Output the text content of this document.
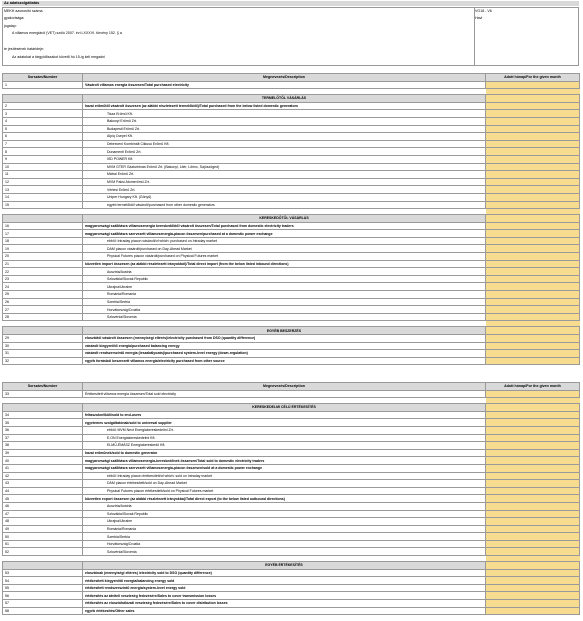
Az adatszolgáltatás
MEKH azonosító száma	VG18 - V6
gyakorisága:	Havi
jogalap:
A villamos energiáról (VET) szóló 2007. évi LXXXVI. törvény 152. § a
te jesítésének határideje:
Az adatokat a tárgyidőszakot követő hó 15-ig kell megadni
Sorszám/Number	Megnevezés/Description	Adott hónap/For the given month
1	Vásárolt villamos energia összesen/Total purchased electricity	

	TERMELŐTŐL VÁSÁRLÁS	
2	hazai erőműtől vásárolt összesen (az alábbi részletezett termelőktől)/Total purchased from the below listed domestic generators	
3	Tisza Erőmű Kft.	
4	Bakonyi Erőmű Zrt.	
5	Budapesti Erőmű Zrt.	
6	Alpiq Csepel Kft.	
7	Debreceni Kombinált Ciklusú Erőmű Kft.	
8	Dunamenti Erőmű Zrt.	
9	ISD POWER Kft.	
10	MVM GTER Gázturbinás Erőmű Zrt. (Bakonyi, Litér, Lőrinc, Sajószöged)	
11	Mátrai Erőmű Zrt.	
12	MVM Paksi Atomerőmű Zrt.	
13	Vértesi Erőmű Zrt.	
14	Uniper Hungary Kft. (Gönyű)	
15	egyéb termelőktől vásárolt/purchased from other domestic generators	

	KERESKEDŐTŐL VÁSÁRLÁS	
16	magyarországi szállításra villamosenergia kereskedőktől vásárolt összesen/Total purchased from domestic electricity traders	
17	magyarországi szállításra szervezett villamosenergia-piacon összesen/purchased at a domestic power exchange	
18	ebből: Intraday piacon vásárolt/of which: purchased on Intraday market	
19	DAM piacon vásárolt/purchased on Day-Ahead Market	
20	Physical Futures piacon vásárolt/purchased on Physical Futures market	
21	közvetlen import összesen (az alábbi részletezett irányokból)/Total direct import (from the below listed inbound directions)	
22	Ausztria/Austria	
23	Szlovákia/Slovak Republic	
24	Ukrajna/Ukraine	
25	Románia/Romania	
26	Szerbia/Serbia	
27	Horvátország/Croatia	
28	Szlovénia/Slovenia	

	EGYÉB BESZERZÉS	
29	elosztótól vásárolt összesen (mennyiségi eltérés)/electricity purchased from DSO (quantity difference)	
30	vásárolt kiegyenlítő energia/purchased balancing energy	
31	vásárolt rendszerszintű energia (leszabályozás)/purchased system-level energy (down-regulation)	
32	egyéb forrásból beszerzett villamos energia/electricity purchased from other source	
Sorszám/Number	Megnevezés/Description	Adott hónap/For the given month
33	Értékesített villamos energia összesen/Total sold electricity	

	KERESKEDELMI CÉLÚ ÉRTÉKESÍTÉS	
34	feltaszoknélküli/sold to end-users	
35	egyetemes szolgáltatónak/sold to universal supplier	
36	ebből: MVM Next Energiakereskedelmi Zrt.	
37	E.ON Energiakereskedelmi Kft.	
38	ELMŰ-ÉMÁSZ Energiakereskedő Kft.	
39	hazai erőműnek/sold to domestic generator	
40	magyarországi szállításra villamosenergia-kereskedőnek összesen/Total sold to domestic electricity traders	
41	magyarországi szállításra szervezett villamosenergia-piacon összesen/sold at a domestic power exchange	
42	ebből: Intraday piacon értékesített/of which: sold on Intraday market	
43	DAM piacon értékesített/sold on Day-Ahead Market	
44	Physical Futures piacon értékesített/sold on Physical Futures market	
45	közvetlen export összesen (az alábbi részletezett irányokba)/Total direct export (to the below listed outbound directions)	
46	Ausztria/Austria	
47	Szlovákia/Slovak Republic	
48	Ukrajna/Ukraine	
49	Románia/Romania	
50	Szerbia/Serbia	
51	Horvátország/Croatia	
52	Szlovénia/Slovenia	

	EGYÉB ÉRTÉKESÍTÉS	
53	elosztónak (mennyiségi eltérés) /electricity sold to DSO (quantity difference)	
54	értékesített kiegyenlítő energia/balancing energy sold	
55	értékesített rendszerszintű energia/system-level energy sold	
56	értékesítés az átviteli veszteség fedezésére/Sales to cover transmission losses	
57	értékesítés az elosztóhálózati veszteség fedezésére/Sales to cover distribution losses	
58	egyéb értékesítés/Other sales	
